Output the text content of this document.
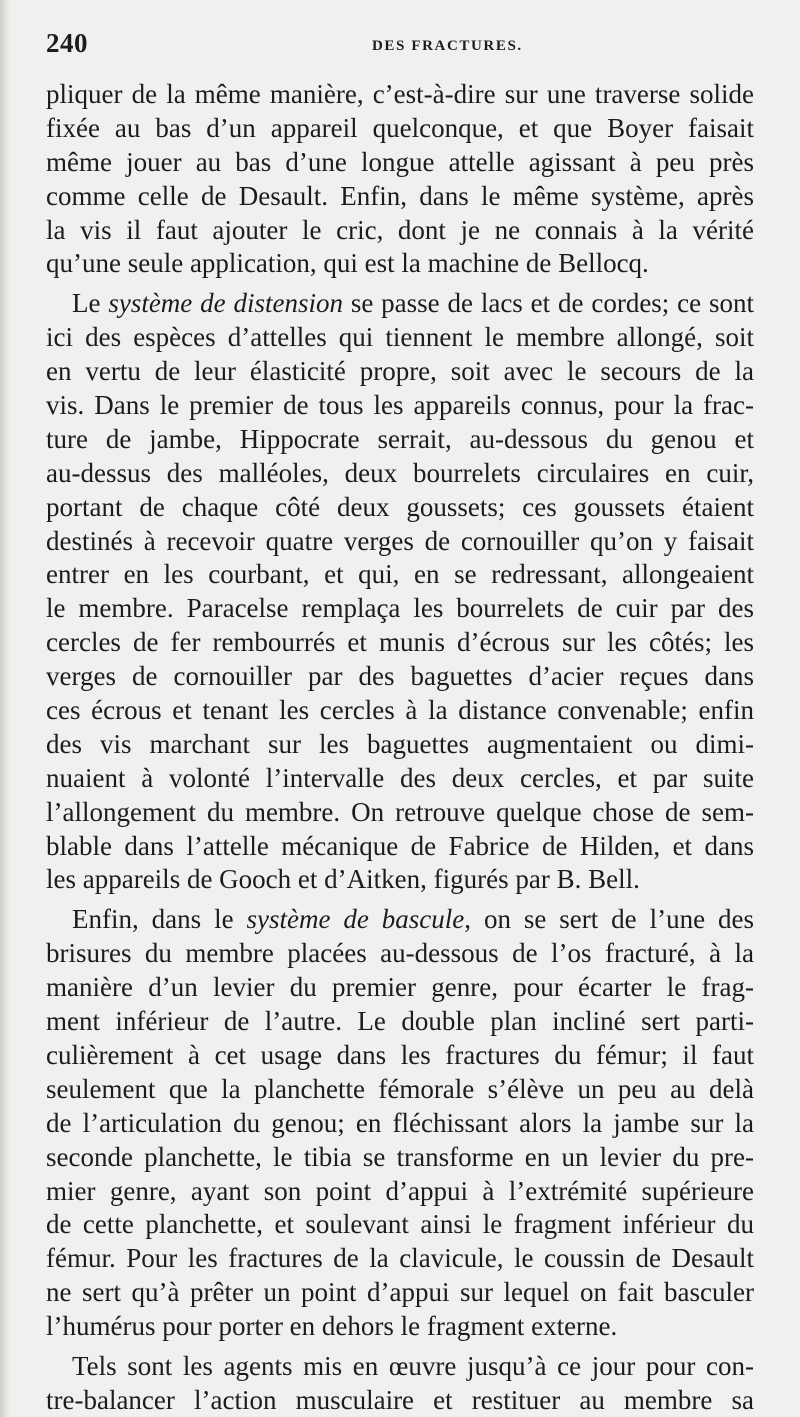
240	DES FRACTURES.
pliquer de la même manière, c’est-à-dire sur une traverse solide
fixée au bas d’un appareil quelconque, et que Boyer faisait
même jouer au bas d’une longue attelle agissant à peu près
comme celle de Desault. Enfin, dans le même système, après
la vis il faut ajouter le cric, dont je ne connais à la vérité
qu’une seule application, qui est la machine de Bellocq.
Le système de distension se passe de lacs et de cordes; ce sont
ici des espèces d’attelles qui tiennent le membre allongé, soit
en vertu de leur élasticité propre, soit avec le secours de la
vis. Dans le premier de tous les appareils connus, pour la frac-
ture de jambe, Hippocrate serrait, au-dessous du genou et
au-dessus des malléoles, deux bourrelets circulaires en cuir,
portant de chaque côté deux goussets; ces goussets étaient
destinés à recevoir quatre verges de cornouiller qu’on y faisait
entrer en les courbant, et qui, en se redressant, allongeaient
le membre. Paracelse remplaça les bourrelets de cuir par des
cercles de fer rembourrés et munis d’écrous sur les côtés; les
verges de cornouiller par des baguettes d’acier reçues dans
ces écrous et tenant les cercles à la distance convenable; enfin
des vis marchant sur les baguettes augmentaient ou dimi-
nuaient à volonté l’intervalle des deux cercles, et par suite
l’allongement du membre. On retrouve quelque chose de sem-
blable dans l’attelle mécanique de Fabrice de Hilden, et dans
les appareils de Gooch et d’Aitken, figurés par B. Bell.
Enfin, dans le système de bascule, on se sert de l’une des
brisures du membre placées au-dessous de l’os fracturé, à la
manière d’un levier du premier genre, pour écarter le frag-
ment inférieur de l’autre. Le double plan incliné sert parti-
culièrement à cet usage dans les fractures du fémur; il faut
seulement que la planchette fémorale s’élève un peu au delà
de l’articulation du genou; en fléchissant alors la jambe sur la
seconde planchette, le tibia se transforme en un levier du pre-
mier genre, ayant son point d’appui à l’extrémité supérieure
de cette planchette, et soulevant ainsi le fragment inférieur du
fémur. Pour les fractures de la clavicule, le coussin de Desault
ne sert qu’à prêter un point d’appui sur lequel on fait basculer
l’humérus pour porter en dehors le fragment externe.
Tels sont les agents mis en œuvre jusqu’à ce jour pour con-
tre-balancer l’action musculaire et restituer au membre sa
